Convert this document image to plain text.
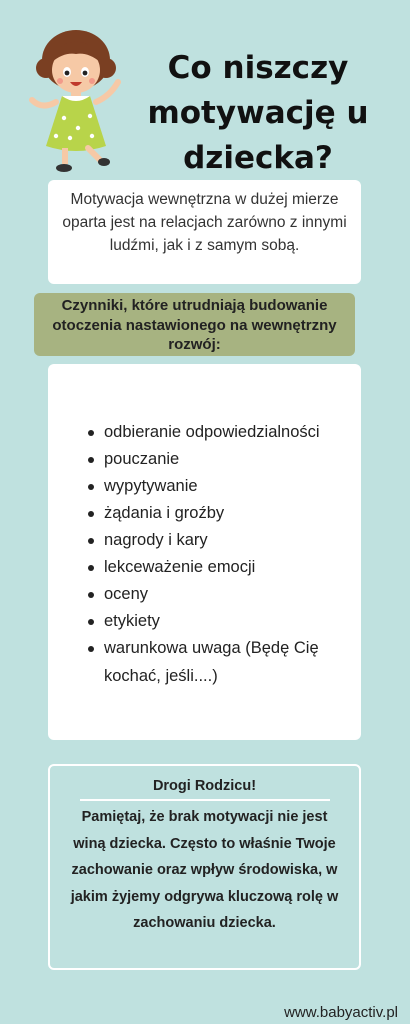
Co niszczy
motywację u
dziecka?
Motywacja wewnętrzna w dużej mierze oparta jest na relacjach zarówno z innymi ludźmi, jak i z samym sobą.
Czynniki, które utrudniają budowanie otoczenia nastawionego na wewnętrzny rozwój:
odbieranie odpowiedzialności
pouczanie
wypytywanie
żądania i groźby
nagrody i kary
lekceważenie emocji
oceny
etykiety
warunkowa uwaga (Będę Cię kochać, jeśli....)
Drogi Rodzicu!
Pamiętaj, że brak motywacji nie jest winą dziecka. Często to właśnie Twoje zachowanie oraz wpływ środowiska, w jakim żyjemy odgrywa kluczową rolę w zachowaniu dziecka.
www.babyactiv.pl
